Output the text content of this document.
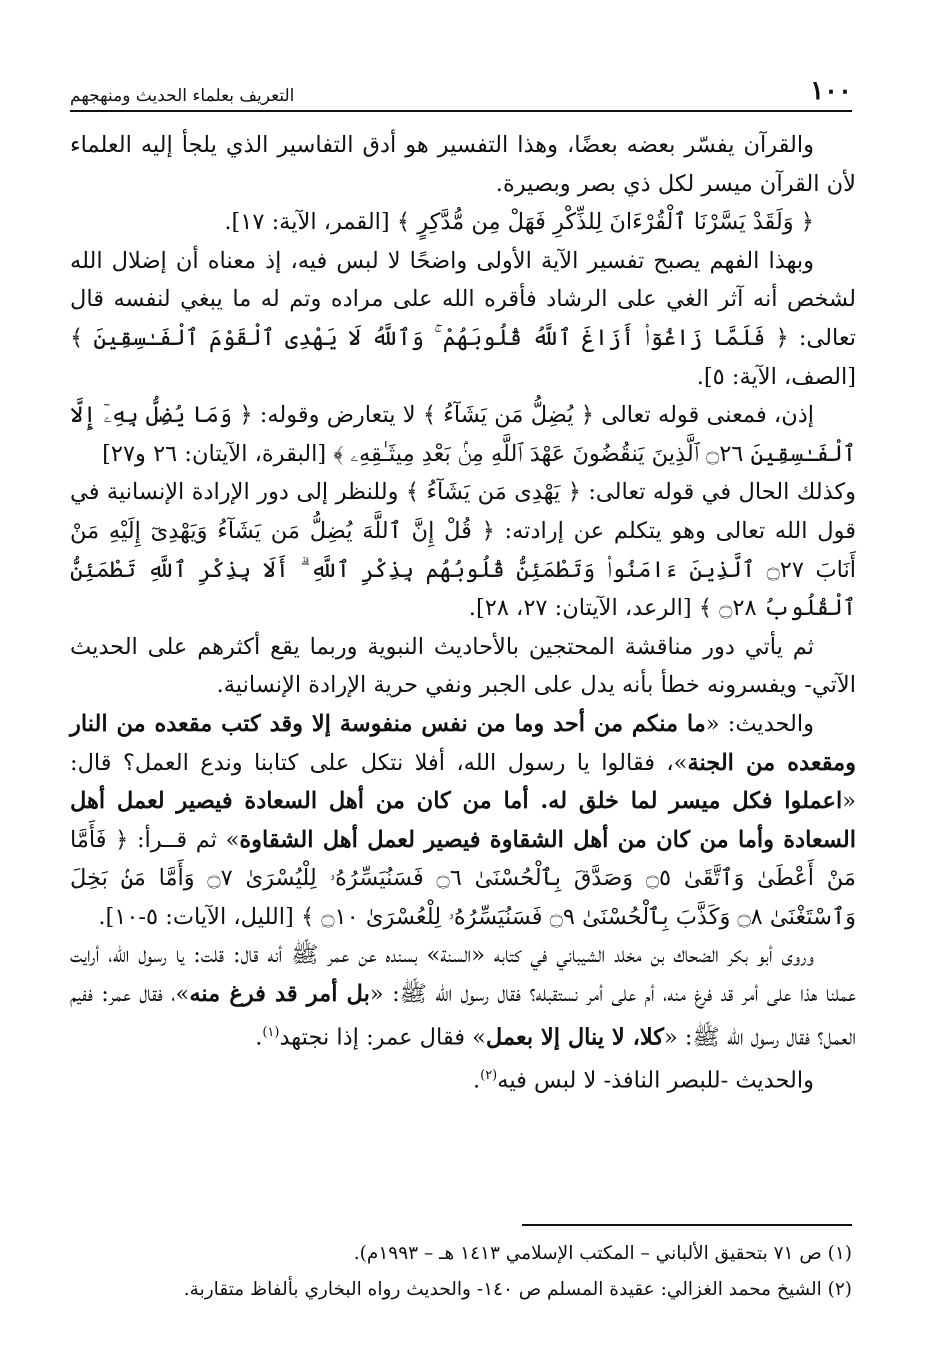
١٠٠
التعريف بعلماء الحديث ومنهجهم

والقرآن يفسّر بعضه بعضًا، وهذا التفسير هو أدق التفاسير الذي يلجأ إليه العلماء لأن القرآن ميسر لكل ذي بصر وبصيرة.

﴿ وَلَقَدْ يَسَّرْنَا ٱلْقُرْءَانَ لِلذِّكْرِ فَهَلْ مِن مُّدَّكِرٍ ﴾ [القمر، الآية: ١٧].

وبهذا الفهم يصبح تفسير الآية الأولى واضحًا لا لبس فيه، إذ معناه أن إضلال الله لشخص أنه آثر الغي على الرشاد فأقره الله على مراده وتم له ما يبغي لنفسه قال تعالى: ﴿ فَلَمَّا زَاغُوٓا۟ أَزَاغَ ٱللَّهُ قُلُوبَهُمْ ۚ وَٱللَّهُ لَا يَهْدِى ٱلْقَوْمَ ٱلْفَـٰسِقِينَ ﴾ [الصف، الآية: ٥].

إذن، فمعنى قوله تعالى ﴿ يُضِلُّ مَن يَشَآءُ ﴾ لا يتعارض وقوله: ﴿ وَمَا يُضِلُّ بِهِۦٓ إِلَّا ٱلْفَـٰسِقِينَ ۝٢٦ ٱلَّذِينَ يَنقُضُونَ عَهْدَ ٱللَّهِ مِنۢ بَعْدِ مِيثَـٰقِهِۦ ﴾ [البقرة، الآيتان: ٢٦ و٢٧]

وكذلك الحال في قوله تعالى: ﴿ يَهْدِى مَن يَشَآءُ ﴾ وللنظر إلى دور الإرادة الإنسانية في قول الله تعالى وهو يتكلم عن إرادته: ﴿ قُلْ إِنَّ ٱللَّهَ يُضِلُّ مَن يَشَآءُ وَيَهْدِىٓ إِلَيْهِ مَنْ أَنَابَ ۝٢٧ ٱلَّذِينَ ءَامَنُوا۟ وَتَطْمَئِنُّ قُلُوبُهُم بِذِكْرِ ٱللَّهِ ۗ أَلَا بِذِكْرِ ٱللَّهِ تَطْمَئِنُّ ٱلْقُلُوبُ ۝٢٨ ﴾ [الرعد، الآيتان: ٢٧، ٢٨].

ثم يأتي دور مناقشة المحتجين بالأحاديث النبوية وربما يقع أكثرهم على الحديث الآتي- ويفسرونه خطأ بأنه يدل على الجبر ونفي حرية الإرادة الإنسانية.

والحديث: «ما منكم من أحد وما من نفس منفوسة إلا وقد كتب مقعده من النار ومقعده من الجنة»، فقالوا يا رسول الله، أفلا نتكل على كتابنا وندع العمل؟ قال: «اعملوا فكل ميسر لما خلق له. أما من كان من أهل السعادة فيصير لعمل أهل السعادة وأما من كان من أهل الشقاوة فيصير لعمل أهل الشقاوة» ثم قــرأ: ﴿ فَأَمَّا مَنْ أَعْطَىٰ وَٱتَّقَىٰ ۝٥ وَصَدَّقَ بِٱلْحُسْنَىٰ ۝٦ فَسَنُيَسِّرُهُۥ لِلْيُسْرَىٰ ۝٧ وَأَمَّا مَنۢ بَخِلَ وَٱسْتَغْنَىٰ ۝٨ وَكَذَّبَ بِٱلْحُسْنَىٰ ۝٩ فَسَنُيَسِّرُهُۥ لِلْعُسْرَىٰ ۝١٠ ﴾ [الليل، الآيات: ٥-١٠].

وروى أبو بكر الضحاك بن مخلد الشيباني في كتابه «السنة» بسنده عن عمر ﷺ أنه قال: قلت: يا رسول الله، أرايت عملنا هذا على أمر قد فرغ منه، أم على أمر نستقبله؟ فقال رسول الله ﷺ: «بل أمر قد فرغ منه»، فقال عمر: ففيم العمل؟ فقال رسول الله ﷺ: «كلا، لا ينال إلا بعمل» فقال عمر: إذا نجتهد$^{(١)}$.

والحديث -للبصر النافذ- لا لبس فيه$^{(٢)}$.

(١) ص ٧١ بتحقيق الألباني – المكتب الإسلامي ١٤١٣ هـ – ١٩٩٣م).

(٢) الشيخ محمد الغزالي: عقيدة المسلم ص ١٤٠- والحديث رواه البخاري بألفاظ متقاربة.
